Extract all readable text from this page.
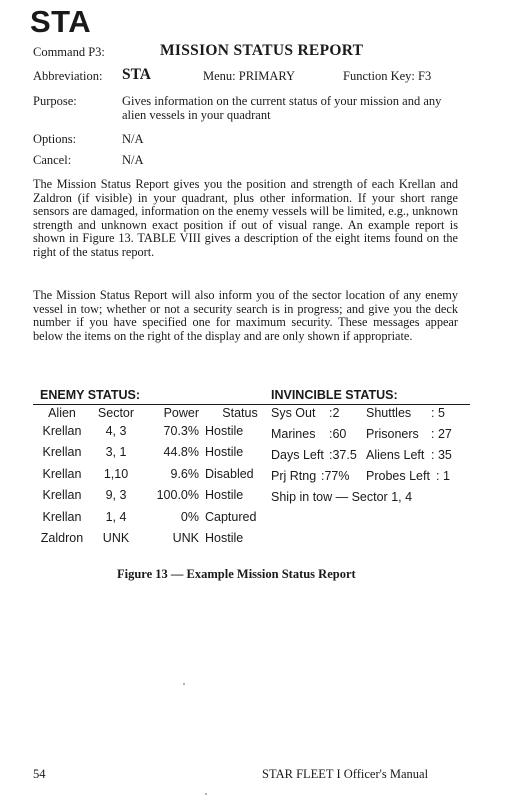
STA
Command P3:	MISSION STATUS REPORT
Abbreviation: STA	Menu: PRIMARY	Function Key: F3
Purpose:	Gives information on the current status of your mission and any alien vessels in your quadrant
Options:	N/A
Cancel:	N/A
The Mission Status Report gives you the position and strength of each Krellan and Zaldron (if visible) in your quadrant, plus other information. If your short range sensors are damaged, information on the enemy vessels will be limited, e.g., unknown strength and unknown exact position if out of visual range. An example report is shown in Figure 13. TABLE VIII gives a description of the eight items found on the right of the status report.
The Mission Status Report will also inform you of the sector location of any enemy vessel in tow; whether or not a security search is in progress; and give you the deck number if you have specified one for maximum security. These messages appear below the items on the right of the display and are only shown if appropriate.
ENEMY STATUS:	INVINCIBLE STATUS:
Alien	Sector	Power	Status
Krellan	4, 3	70.3%	Hostile
Krellan	3, 1	44.8%	Hostile
Krellan	1,10	9.6%	Disabled
Krellan	9, 3	100.0%	Hostile
Krellan	1, 4	0%	Captured
Zaldron	UNK	UNK	Hostile
Sys Out :2 Shuttles : 5
Marines :60 Prisoners : 27
Days Left :37.5 Aliens Left : 35
Prj Rtng :77% Probes Left : 1
Ship in tow — Sector 1, 4
Figure 13 — Example Mission Status Report
54	STAR FLEET I Officer's Manual
